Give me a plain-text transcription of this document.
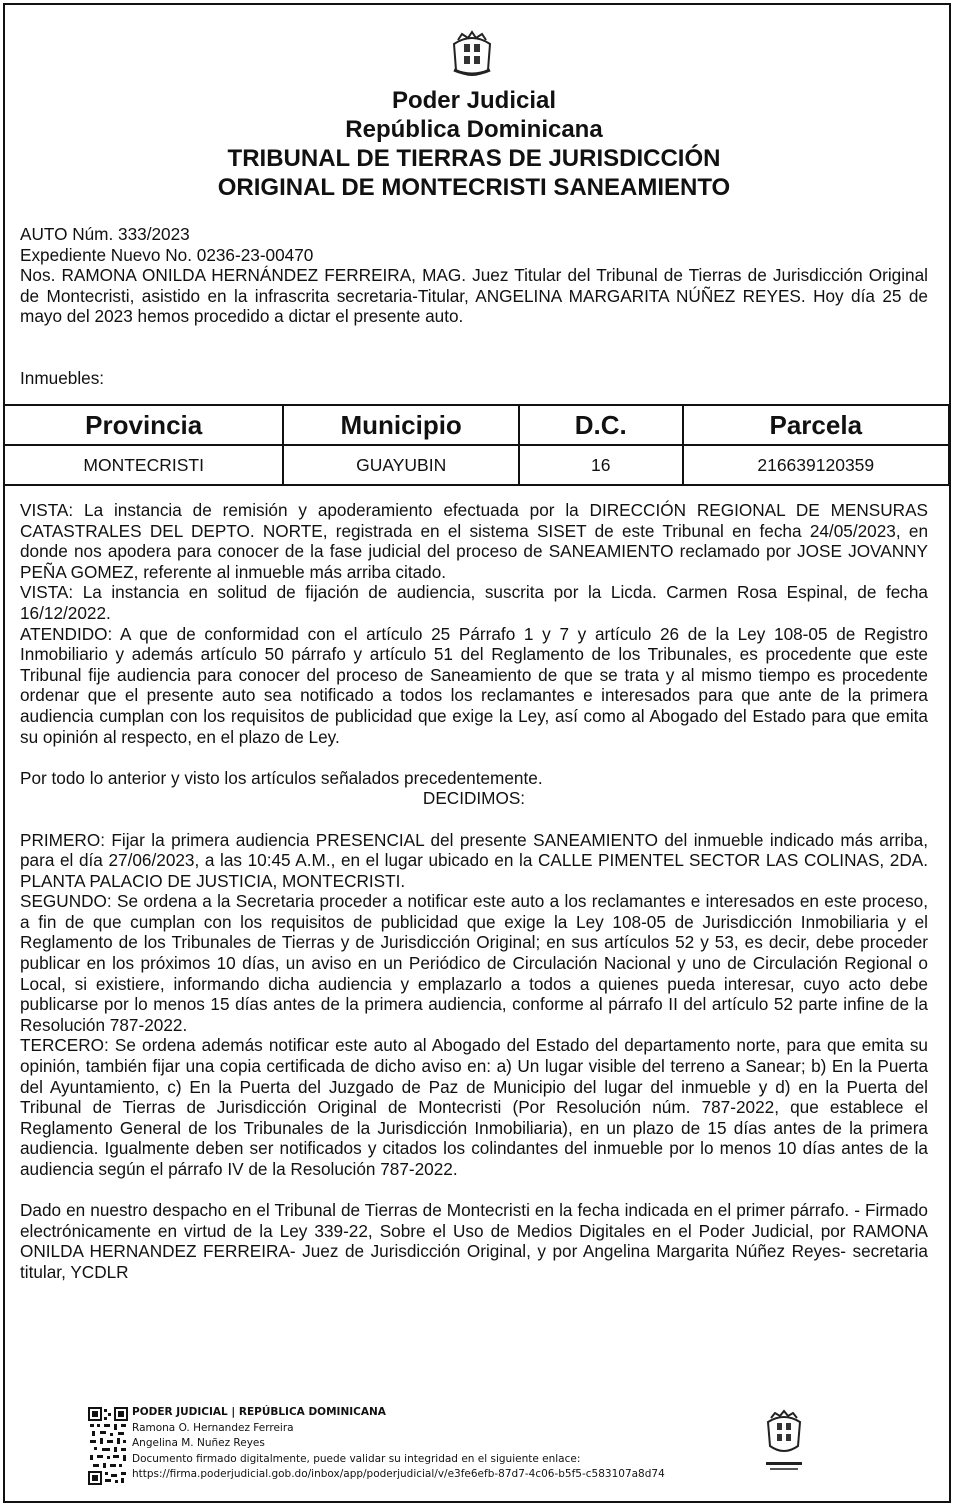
Poder Judicial
República Dominicana
TRIBUNAL DE TIERRAS DE JURISDICCIÓN
ORIGINAL DE MONTECRISTI SANEAMIENTO
AUTO Núm. 333/2023
Expediente Nuevo No. 0236-23-00470
Nos. RAMONA ONILDA HERNÁNDEZ FERREIRA, MAG. Juez Titular del Tribunal de Tierras de Jurisdicción Original de Montecristi, asistido en la infrascrita secretaria-Titular, ANGELINA MARGARITA NÚÑEZ REYES. Hoy día 25 de mayo del 2023 hemos procedido a dictar el presente auto.
Inmuebles:
Provincia	Municipio	D.C.	Parcela
MONTECRISTI	GUAYUBIN	16	216639120359

VISTA: La instancia de remisión y apoderamiento efectuada por la DIRECCIÓN REGIONAL DE MENSURAS CATASTRALES DEL DEPTO. NORTE, registrada en el sistema SISET de este Tribunal en fecha 24/05/2023, en donde nos apodera para conocer de la fase judicial del proceso de SANEAMIENTO reclamado por JOSE JOVANNY PEÑA GOMEZ, referente al inmueble más arriba citado.

VISTA: La instancia en solitud de fijación de audiencia, suscrita por la Licda. Carmen Rosa Espinal, de fecha 16/12/2022.

ATENDIDO: A que de conformidad con el artículo 25 Párrafo 1 y 7 y artículo 26 de la Ley 108-05 de Registro Inmobiliario y además artículo 50 párrafo y artículo 51 del Reglamento de los Tribunales, es procedente que este Tribunal fije audiencia para conocer del proceso de Saneamiento de que se trata y al mismo tiempo es procedente ordenar que el presente auto sea notificado a todos los reclamantes e interesados para que ante de la primera audiencia cumplan con los requisitos de publicidad que exige la Ley, así como al Abogado del Estado para que emita su opinión al respecto, en el plazo de Ley.

Por todo lo anterior y visto los artículos señalados precedentemente.

DECIDIMOS:

PRIMERO: Fijar la primera audiencia PRESENCIAL del presente SANEAMIENTO del inmueble indicado más arriba, para el día 27/06/2023, a las 10:45 A.M., en el lugar ubicado en la CALLE PIMENTEL SECTOR LAS COLINAS, 2DA. PLANTA PALACIO DE JUSTICIA, MONTECRISTI.

SEGUNDO: Se ordena a la Secretaria proceder a notificar este auto a los reclamantes e interesados en este proceso, a fin de que cumplan con los requisitos de publicidad que exige la Ley 108-05 de Jurisdicción Inmobiliaria y el Reglamento de los Tribunales de Tierras y de Jurisdicción Original; en sus artículos 52 y 53, es decir, debe proceder publicar en los próximos 10 días, un aviso en un Periódico de Circulación Nacional y uno de Circulación Regional o Local, si existiere, informando dicha audiencia y emplazarlo a todos a quienes pueda interesar, cuyo acto debe publicarse por lo menos 15 días antes de la primera audiencia, conforme al párrafo II del artículo 52 parte infine de la Resolución 787-2022.

TERCERO: Se ordena además notificar este auto al Abogado del Estado del departamento norte, para que emita su opinión, también fijar una copia certificada de dicho aviso en: a) Un lugar visible del terreno a Sanear; b) En la Puerta del Ayuntamiento, c) En la Puerta del Juzgado de Paz de Municipio del lugar del inmueble y d) en la Puerta del Tribunal de Tierras de Jurisdicción Original de Montecristi (Por Resolución núm. 787-2022, que establece el Reglamento General de los Tribunales de la Jurisdicción Inmobiliaria), en un plazo de 15 días antes de la primera audiencia. Igualmente deben ser notificados y citados los colindantes del inmueble por lo menos 10 días antes de la audiencia según el párrafo IV de la Resolución 787-2022.

Dado en nuestro despacho en el Tribunal de Tierras de Montecristi en la fecha indicada en el primer párrafo. - Firmado electrónicamente en virtud de la Ley 339-22, Sobre el Uso de Medios Digitales en el Poder Judicial, por RAMONA ONILDA HERNANDEZ FERREIRA- Juez de Jurisdicción Original, y por Angelina Margarita Núñez Reyes- secretaria titular, YCDLR

PODER JUDICIAL | REPÚBLICA DOMINICANA
Ramona O. Hernandez Ferreira
Angelina M. Nuñez Reyes
Documento firmado digitalmente, puede validar su integridad en el siguiente enlace:
https://firma.poderjudicial.gob.do/inbox/app/poderjudicial/v/e3fe6efb-87d7-4c06-b5f5-c583107a8d74
